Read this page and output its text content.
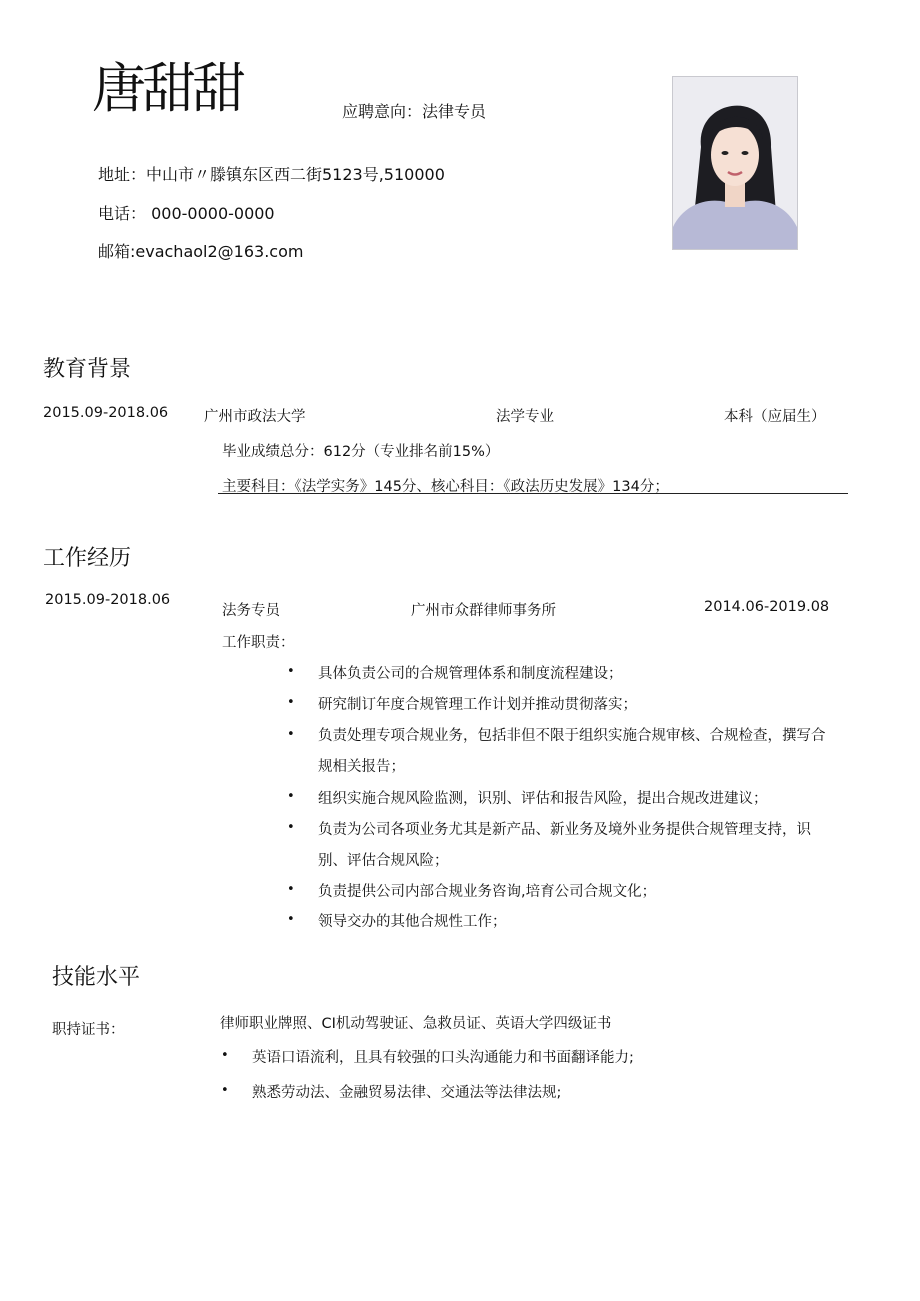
唐甜甜	应聘意向：法律专员
地址：中山市〃滕镇东区西二街5123号,510000
电话： 000-0000-0000
邮箱:evachaol2@163.com
教育背景
2015.09-2018.06 广州市政法大学	法学专业	本科（应届生）
毕业成绩总分：612分（专业排名前15%）
主要科目：《法学实务》145分、核心科目：《政法历史发展》134分；
工作经历
2015.09-2018.06
法务专员	广州市众群律师事务所	2014.06-2019.08
工作职责：
• 具体负责公司的合规管理体系和制度流程建设；
• 研究制订年度合规管理工作计划并推动贯彻落实；
• 负责处理专项合规业务，包括非但不限于组织实施合规审核、合规检查，撰写合
规相关报告；
• 组织实施合规风险监测，识别、评估和报告风险，提出合规改进建议；
• 负责为公司各项业务尤其是新产品、新业务及境外业务提供合规管理支持，识
别、评估合规风险；
• 负责提供公司内部合规业务咨询,培育公司合规文化；
• 领导交办的其他合规性工作；
技能水平
职持证书：	律师职业牌照、CI机动驾驶证、急救员证、英语大学四级证书
• 英语口语流利，且具有较强的口头沟通能力和书面翻译能力;
• 熟悉劳动法、金融贸易法律、交通法等法律法规;
